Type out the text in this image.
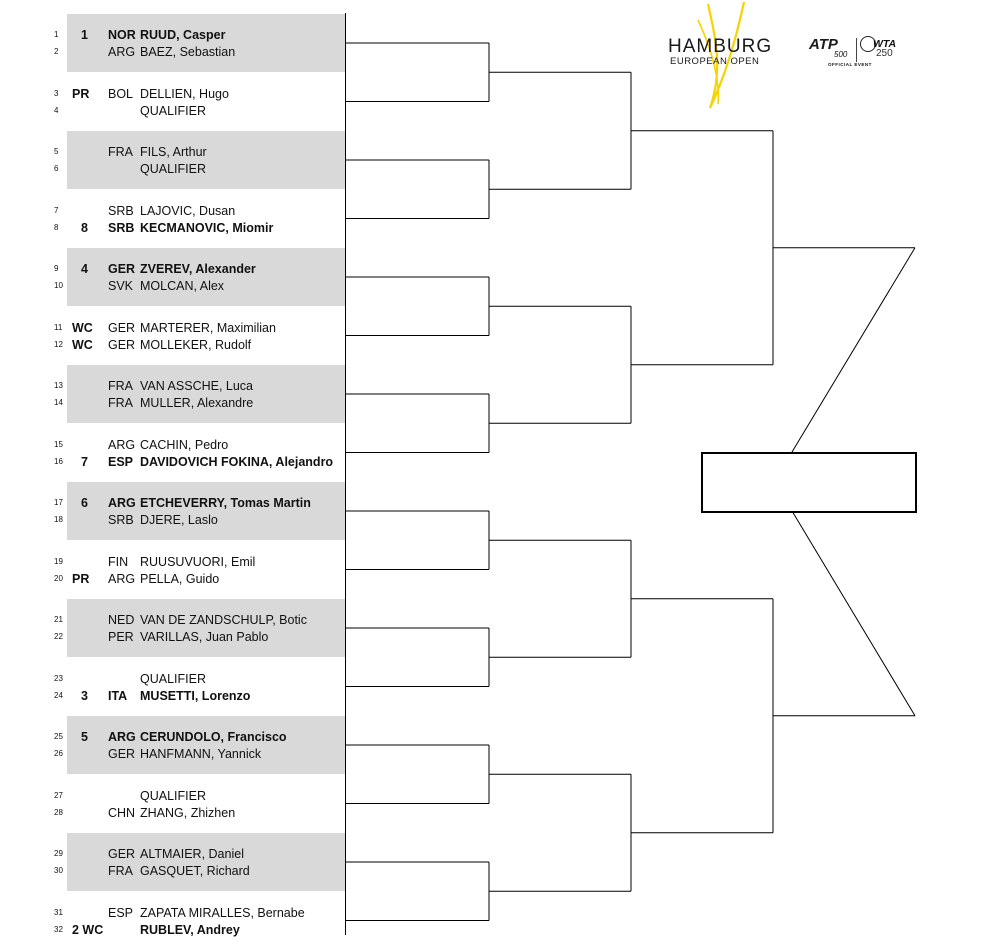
1 1 NOR RUUD, Casper
2	ARG BAEZ, Sebastian
3 PR BOL DELLIEN, Hugo
4	QUALIFIER
5	FRA FILS, Arthur
6	QUALIFIER
7	SRB LAJOVIC, Dusan
8 8 SRB KECMANOVIC, Miomir
9 4 GER ZVEREV, Alexander
10	SVK MOLCAN, Alex
11 WC GER MARTERER, Maximilian
12 WC GER MOLLEKER, Rudolf
13	FRA VAN ASSCHE, Luca
14	FRA MULLER, Alexandre
15	ARG CACHIN, Pedro
16 7 ESP DAVIDOVICH FOKINA, Alejandro
17 6 ARG ETCHEVERRY, Tomas Martin
18	SRB DJERE, Laslo
19	FIN RUUSUVUORI, Emil
20 PR ARG PELLA, Guido
21	NED VAN DE ZANDSCHULP, Botic
22	PER VARILLAS, Juan Pablo
23	QUALIFIER
24 3 ITA MUSETTI, Lorenzo
25 5 ARG CERUNDOLO, Francisco
26	GER HANFMANN, Yannick
27	QUALIFIER
28	CHN ZHANG, Zhizhen
29	GER ALTMAIER, Daniel
30	FRA GASQUET, Richard
31	ESP ZAPATA MIRALLES, Bernabe
32 2 WC	RUBLEV, Andrey
HAMBURG
EUROPEAN OPEN
ATP
500
OFFICIAL EVENT
WTA
250
